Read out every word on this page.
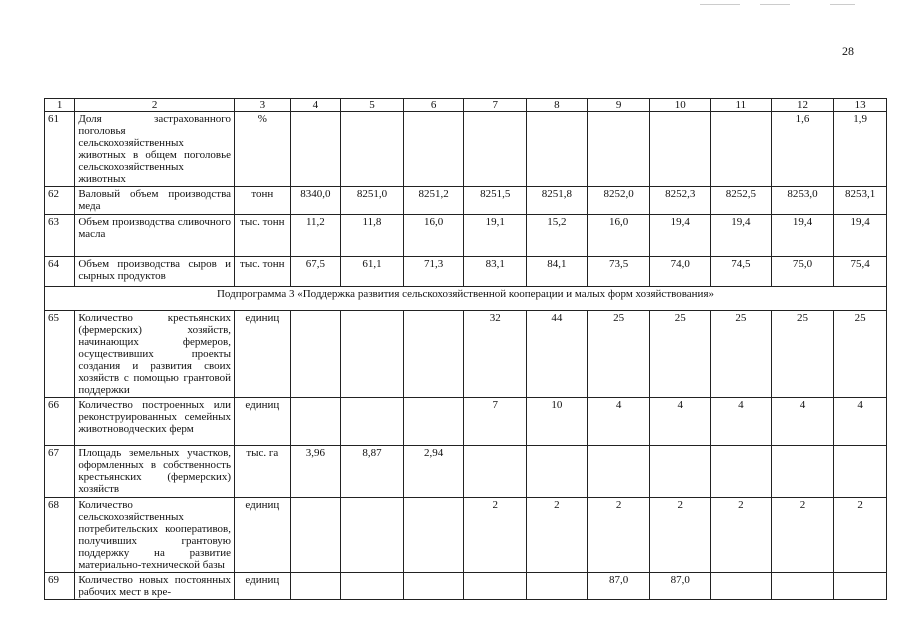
28
1	2	3	4	5	6	7	8	9	10	11	12	13
61	Доля застрахованного поголовья сельскохозяйственных животных в общем поголовье сельскохозяйственных животных	%									1,6	1,9
62	Валовый объем производства меда	тонн	8340,0	8251,0	8251,2	8251,5	8251,8	8252,0	8252,3	8252,5	8253,0	8253,1
63	Объем производства сливочного масла	тыс. тонн	11,2	11,8	16,0	19,1	15,2	16,0	19,4	19,4	19,4	19,4
64	Объем производства сыров и сырных продуктов	тыс. тонн	67,5	61,1	71,3	83,1	84,1	73,5	74,0	74,5	75,0	75,4
Подпрограмма 3 «Поддержка развития сельскохозяйственной кооперации и малых форм хозяйствования»												
65	Количество крестьянских (фермерских) хозяйств, начинающих фермеров, осуществивших проекты создания и развития своих хозяйств с помощью грантовой поддержки	единиц				32	44	25	25	25	25	25
66	Количество построенных или реконструированных семейных животноводческих ферм	единиц				7	10	4	4	4	4	4
67	Площадь земельных участков, оформленных в собственность крестьянских (фермерских) хозяйств	тыс. га	3,96	8,87	2,94							
68	Количество сельскохозяйственных потребительских кооперативов, получивших грантовую поддержку на развитие материально-технической базы	единиц				2	2	2	2	2	2	2
69	Количество новых постоянных рабочих мест в кре-	единиц						87,0	87,0			
